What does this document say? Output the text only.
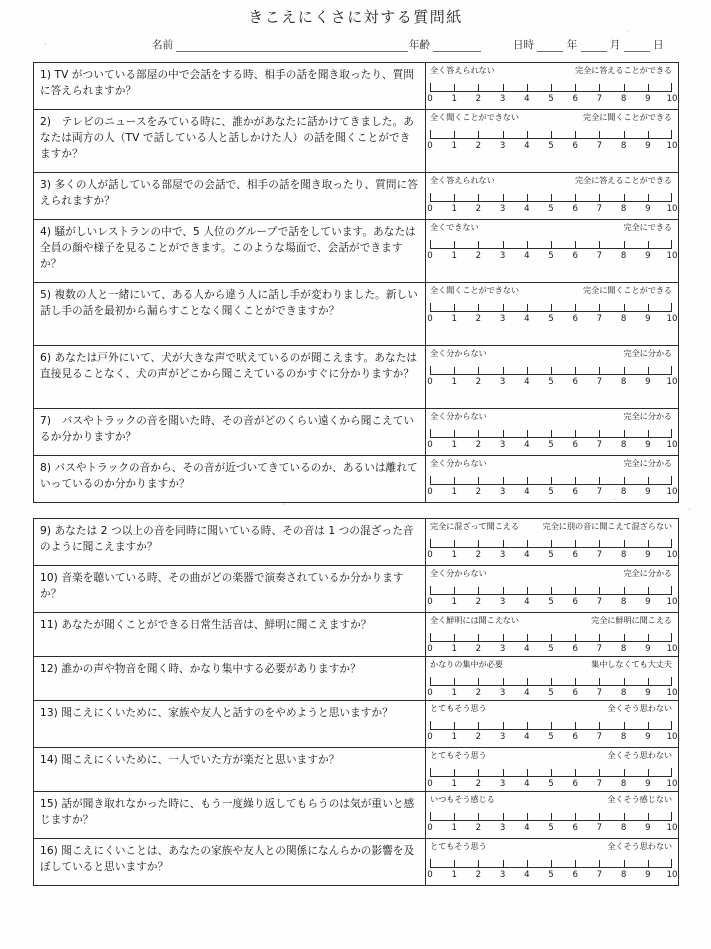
きこえにくさに対する質問紙
名前	年齢	日時	年	月	日
1) TV がついている部屋の中で会話をする時、相手の話を聞き取ったり、質問に答えられますか？
全く答えられない	完全に答えることができる
0 1 2 3 4 5 6 7 8 9 10
2)　テレビのニュースをみている時に、誰かがあなたに話かけてきました。あなたは両方の人（TV で話している人と話しかけた人）の話を聞くことができますか？
全く聞くことができない	完全に聞くことができる
0 1 2 3 4 5 6 7 8 9 10
3) 多くの人が話している部屋での会話で、相手の話を聞き取ったり、質問に答えられますか？
全く答えられない	完全に答えることができる
0 1 2 3 4 5 6 7 8 9 10
4) 騒がしいレストランの中で、5 人位のグループで話をしています。あなたは全員の顔や様子を見ることができます。このような場面で、会話ができますか？
全くできない	完全にできる
0 1 2 3 4 5 6 7 8 9 10
5) 複数の人と一緒にいて、ある人から違う人に話し手が変わりました。新しい話し手の話を最初から漏らすことなく聞くことができますか？
全く聞くことができない	完全に聞くことができる
0 1 2 3 4 5 6 7 8 9 10
6) あなたは戸外にいて、犬が大きな声で吠えているのが聞こえます。あなたは直接見ることなく、犬の声がどこから聞こえているのかすぐに分かりますか？
全く分からない	完全に分かる
0 1 2 3 4 5 6 7 8 9 10
7)　バスやトラックの音を聞いた時、その音がどのくらい遠くから聞こえているか分かりますか？
全く分からない	完全に分かる
0 1 2 3 4 5 6 7 8 9 10
8) バスやトラックの音から、その音が近づいてきているのか、あるいは離れていっているのか分かりますか？
全く分からない	完全に分かる
0 1 2 3 4 5 6 7 8 9 10
9) あなたは 2 つ以上の音を同時に聞いている時、その音は 1 つの混ざった音のように聞こえますか？
完全に混ざって聞こえる	完全に別の音に聞こえて混ざらない
0 1 2 3 4 5 6 7 8 9 10
10) 音楽を聴いている時、その曲がどの楽器で演奏されているか分かりますか？
全く分からない	完全に分かる
0 1 2 3 4 5 6 7 8 9 10
11) あなたが聞くことができる日常生活音は、鮮明に聞こえますか？	全く鮮明には聞こえない	完全に鮮明に聞こえる
0 1 2 3 4 5 6 7 8 9 10
12) 誰かの声や物音を聞く時、かなり集中する必要がありますか？	かなりの集中が必要	集中しなくても大丈夫
0 1 2 3 4 5 6 7 8 9 10
13) 聞こえにくいために、家族や友人と話すのをやめようと思いますか？	とてもそう思う	全くそう思わない
0 1 2 3 4 5 6 7 8 9 10
14) 聞こえにくいために、一人でいた方が楽だと思いますか？	とてもそう思う	全くそう思わない
0 1 2 3 4 5 6 7 8 9 10
15) 話が聞き取れなかった時に、もう一度繰り返してもらうのは気が重いと感じますか？
いつもそう感じる	全くそう感じない
0 1 2 3 4 5 6 7 8 9 10
16) 聞こえにくいことは、あなたの家族や友人との関係になんらかの影響を及ぼしていると思いますか？
とてもそう思う	全くそう思わない
0 1 2 3 4 5 6 7 8 9 10
